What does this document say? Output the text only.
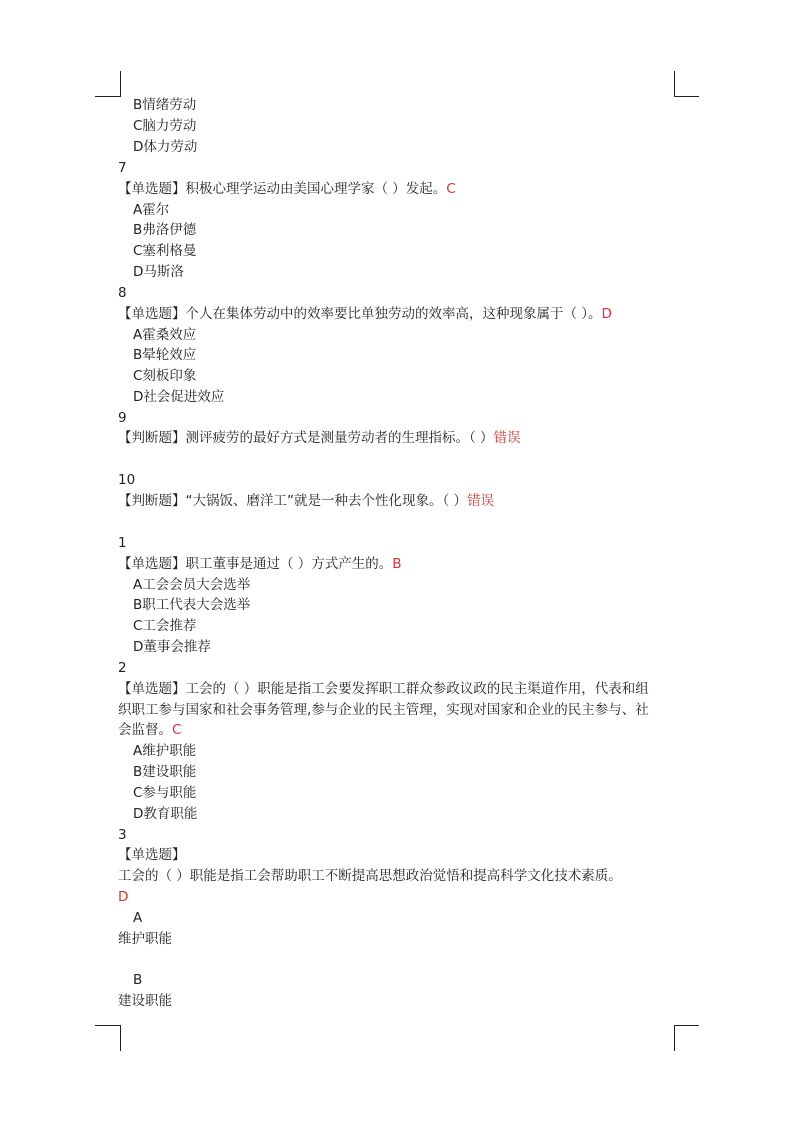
B情绪劳动
C脑力劳动
D体力劳动
7
【单选题】积极心理学运动由美国心理学家（ ）发起。C
A霍尔
B弗洛伊德
C塞利格曼
D马斯洛
8
【单选题】个人在集体劳动中的效率要比单独劳动的效率高，这种现象属于（ ）。D
A霍桑效应
B晕轮效应
C刻板印象
D社会促进效应
9
【判断题】测评疲劳的最好方式是测量劳动者的生理指标。（ ）错误
10
【判断题】“大锅饭、磨洋工”就是一种去个性化现象。（ ）错误
1
【单选题】职工董事是通过（ ）方式产生的。B
A工会会员大会选举
B职工代表大会选举
C工会推荐
D董事会推荐
2
【单选题】工会的（ ）职能是指工会要发挥职工群众参政议政的民主渠道作用，代表和组
织职工参与国家和社会事务管理,参与企业的民主管理，实现对国家和企业的民主参与、社
会监督。C
A维护职能
B建设职能
C参与职能
D教育职能
3
【单选题】
工会的（ ）职能是指工会帮助职工不断提高思想政治觉悟和提高科学文化技术素质。
D
A
维护职能
B
建设职能
